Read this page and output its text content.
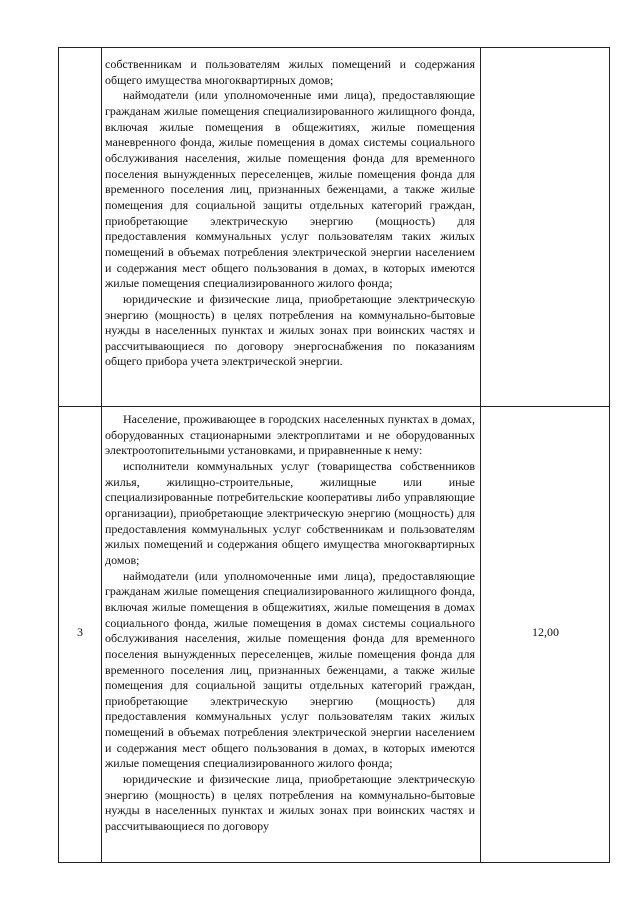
собственникам и пользователям жилых помещений и содержания общего имущества многоквартирных домов;

наймодатели (или уполномоченные ими лица), предоставляющие гражданам жилые помещения специализированного жилищного фонда, включая жилые помещения в общежитиях, жилые помещения маневренного фонда, жилые помещения в домах системы социального обслуживания населения, жилые помещения фонда для временного поселения вынужденных переселенцев, жилые помещения фонда для временного поселения лиц, признанных беженцами, а также жилые помещения для социальной защиты отдельных категорий граждан, приобретающие электрическую энергию (мощность) для предоставления коммунальных услуг пользователям таких жилых помещений в объемах потребления электрической энергии населением и содержания мест общего пользования в домах, в которых имеются жилые помещения специализированного жилого фонда;

юридические и физические лица, приобретающие электрическую энергию (мощность) в целях потребления на коммунально-бытовые нужды в населенных пунктах и жилых зонах при воинских частях и рассчитывающиеся по договору энергоснабжения по показаниям общего прибора учета электрической энергии.

3

Население, проживающее в городских населенных пунктах в домах, оборудованных стационарными электроплитами и не оборудованных электроотопительными установками, и приравненные к нему:

исполнители коммунальных услуг (товарищества собственников жилья, жилищно-строительные, жилищные или иные специализированные потребительские кооперативы либо управляющие организации), приобретающие электрическую энергию (мощность) для предоставления коммунальных услуг собственникам и пользователям жилых помещений и содержания общего имущества многоквартирных домов;

наймодатели (или уполномоченные ими лица), предоставляющие гражданам жилые помещения специализированного жилищного фонда, включая жилые помещения в общежитиях, жилые помещения в домах социального фонда, жилые помещения в домах системы социального обслуживания населения, жилые помещения фонда для временного поселения вынужденных переселенцев, жилые помещения фонда для временного поселения лиц, признанных беженцами, а также жилые помещения для социальной защиты отдельных категорий граждан, приобретающие электрическую энергию (мощность) для предоставления коммунальных услуг пользователям таких жилых помещений в объемах потребления электрической энергии населением и содержания мест общего пользования в домах, в которых имеются жилые помещения специализированного жилого фонда;

юридические и физические лица, приобретающие электрическую энергию (мощность) в целях потребления на коммунально-бытовые нужды в населенных пунктах и жилых зонах при воинских частях и рассчитывающиеся по договору

12,00
